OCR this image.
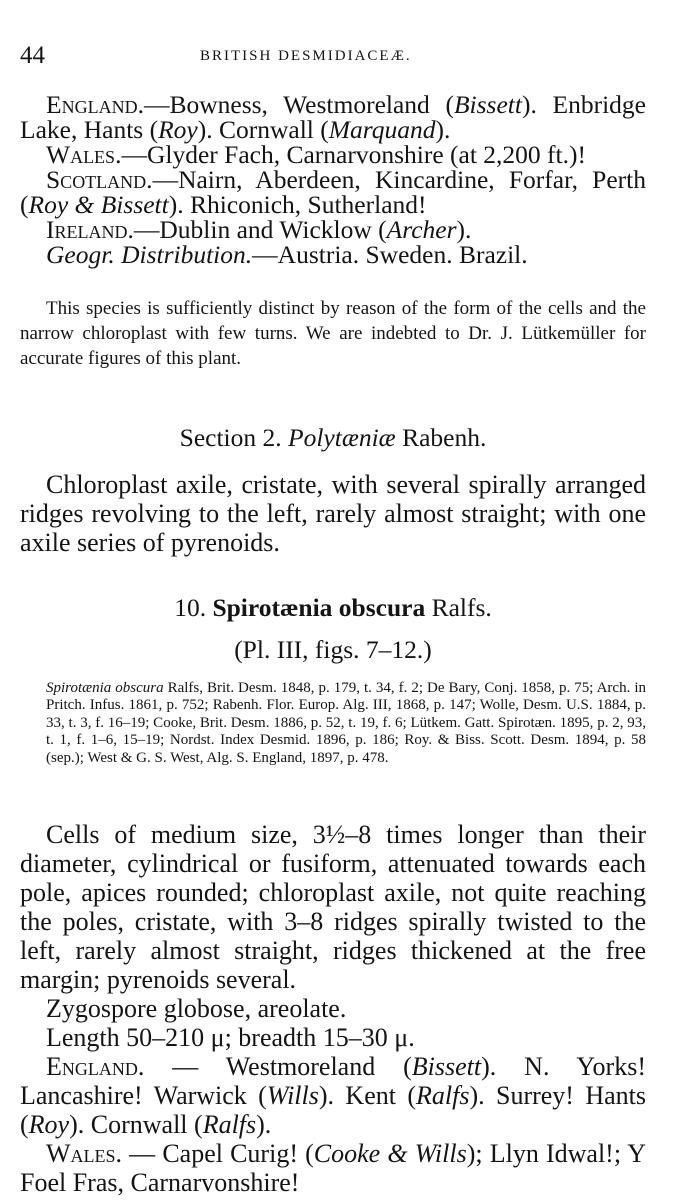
44	BRITISH DESMIDIACEÆ.
England.—Bowness, Westmoreland (Bissett). Enbridge Lake, Hants (Roy). Cornwall (Marquand).
Wales.—Glyder Fach, Carnarvonshire (at 2,200 ft.)!
Scotland.—Nairn, Aberdeen, Kincardine, Forfar, Perth (Roy & Bissett). Rhiconich, Sutherland!
Ireland.—Dublin and Wicklow (Archer).
Geogr. Distribution.—Austria. Sweden. Brazil.

This species is sufficiently distinct by reason of the form of the cells and the narrow chloroplast with few turns. We are indebted to Dr. J. Lütkemüller for accurate figures of this plant.

Section 2. Polytæniæ Rabenh.

Chloroplast axile, cristate, with several spirally arranged ridges revolving to the left, rarely almost straight; with one axile series of pyrenoids.

10. Spirotænia obscura Ralfs.
(Pl. III, figs. 7–12.)

Spirotænia obscura Ralfs, Brit. Desm. 1848, p. 179, t. 34, f. 2; De Bary, Conj. 1858, p. 75; Arch. in Pritch. Infus. 1861, p. 752; Rabenh. Flor. Europ. Alg. III, 1868, p. 147; Wolle, Desm. U.S. 1884, p. 33, t. 3, f. 16–19; Cooke, Brit. Desm. 1886, p. 52, t. 19, f. 6; Lütkem. Gatt. Spirotæn. 1895, p. 2, 93, t. 1, f. 1–6, 15–19; Nordst. Index Desmid. 1896, p. 186; Roy. & Biss. Scott. Desm. 1894, p. 58 (sep.); West & G. S. West, Alg. S. England, 1897, p. 478.

Cells of medium size, 3½–8 times longer than their diameter, cylindrical or fusiform, attenuated towards each pole, apices rounded; chloroplast axile, not quite reaching the poles, cristate, with 3–8 ridges spirally twisted to the left, rarely almost straight, ridges thickened at the free margin; pyrenoids several.

Zygospore globose, areolate.
Length 50–210 μ; breadth 15–30 μ.
England. — Westmoreland (Bissett). N. Yorks! Lancashire! Warwick (Wills). Kent (Ralfs). Surrey! Hants (Roy). Cornwall (Ralfs).
Wales. — Capel Curig! (Cooke & Wills); Llyn Idwal!; Y Foel Fras, Carnarvonshire!
